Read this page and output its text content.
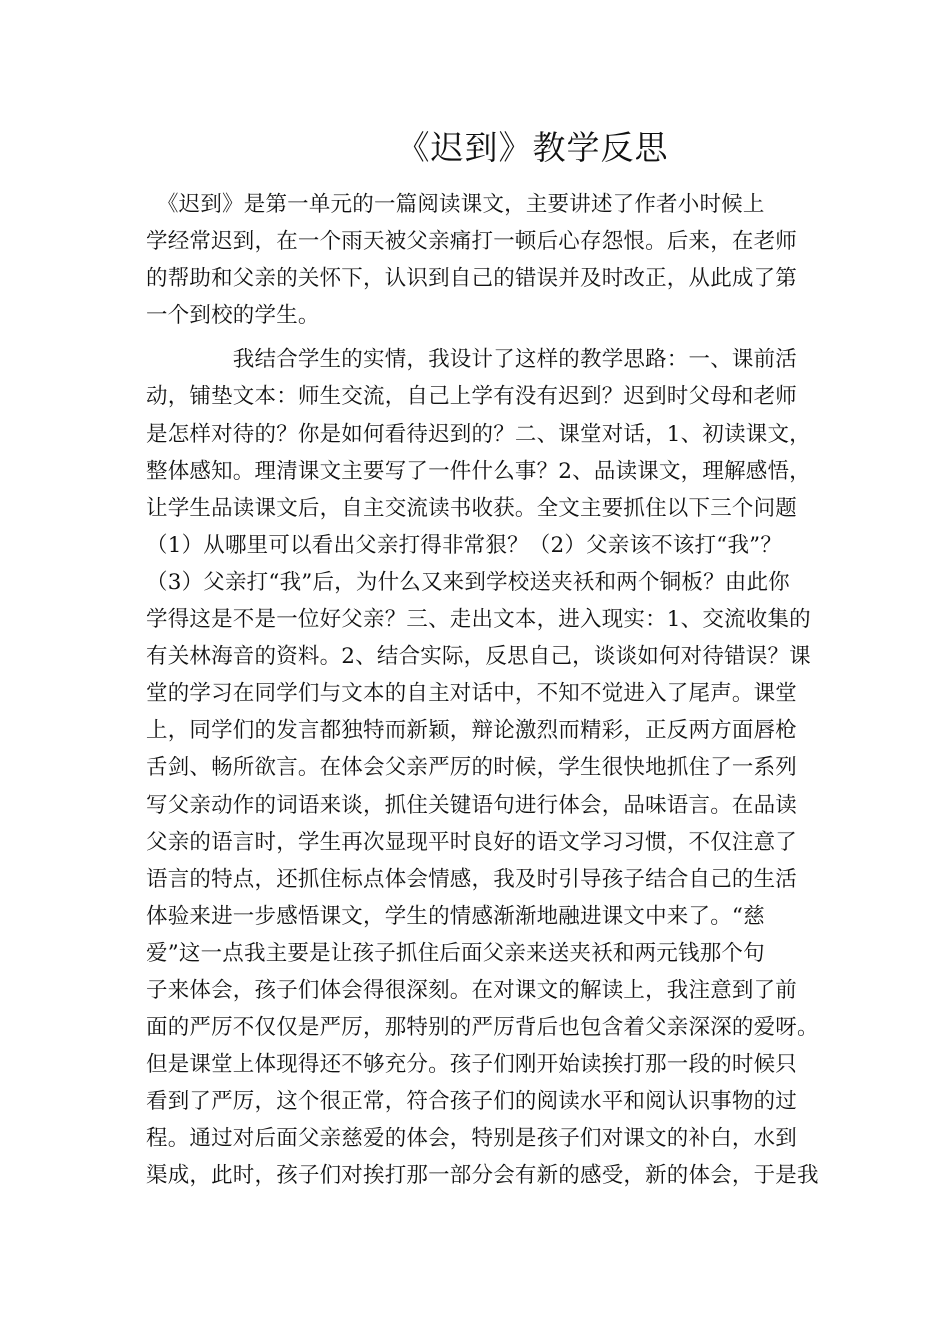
《迟到》教学反思
　《迟到》是第一单元的一篇阅读课文，主要讲述了作者小时候上
学经常迟到，在一个雨天被父亲痛打一顿后心存怨恨。后来，在老师
的帮助和父亲的关怀下，认识到自己的错误并及时改正，从此成了第
一个到校的学生。
　　　　我结合学生的实情，我设计了这样的教学思路：一、课前活
动，铺垫文本：师生交流，自己上学有没有迟到？迟到时父母和老师
是怎样对待的？你是如何看待迟到的？二、课堂对话，1、初读课文，
整体感知。理清课文主要写了一件什么事？2、品读课文，理解感悟，
让学生品读课文后，自主交流读书收获。全文主要抓住以下三个问题
（1）从哪里可以看出父亲打得非常狠？（2）父亲该不该打“我”？
（3）父亲打“我”后，为什么又来到学校送夹袄和两个铜板？由此你
学得这是不是一位好父亲？三、走出文本，进入现实：1、交流收集的
有关林海音的资料。2、结合实际，反思自己，谈谈如何对待错误？课
堂的学习在同学们与文本的自主对话中，不知不觉进入了尾声。课堂
上，同学们的发言都独特而新颖，辩论激烈而精彩，正反两方面唇枪
舌剑、畅所欲言。在体会父亲严厉的时候，学生很快地抓住了一系列
写父亲动作的词语来谈，抓住关键语句进行体会，品味语言。在品读
父亲的语言时，学生再次显现平时良好的语文学习习惯，不仅注意了
语言的特点，还抓住标点体会情感，我及时引导孩子结合自己的生活
体验来进一步感悟课文，学生的情感渐渐地融进课文中来了。“慈
爱”这一点我主要是让孩子抓住后面父亲来送夹袄和两元钱那个句
子来体会，孩子们体会得很深刻。在对课文的解读上，我注意到了前
面的严厉不仅仅是严厉，那特别的严厉背后也包含着父亲深深的爱呀。
但是课堂上体现得还不够充分。孩子们刚开始读挨打那一段的时候只
看到了严厉，这个很正常，符合孩子们的阅读水平和阅认识事物的过
程。通过对后面父亲慈爱的体会，特别是孩子们对课文的补白，水到
渠成，此时，孩子们对挨打那一部分会有新的感受，新的体会，于是我
